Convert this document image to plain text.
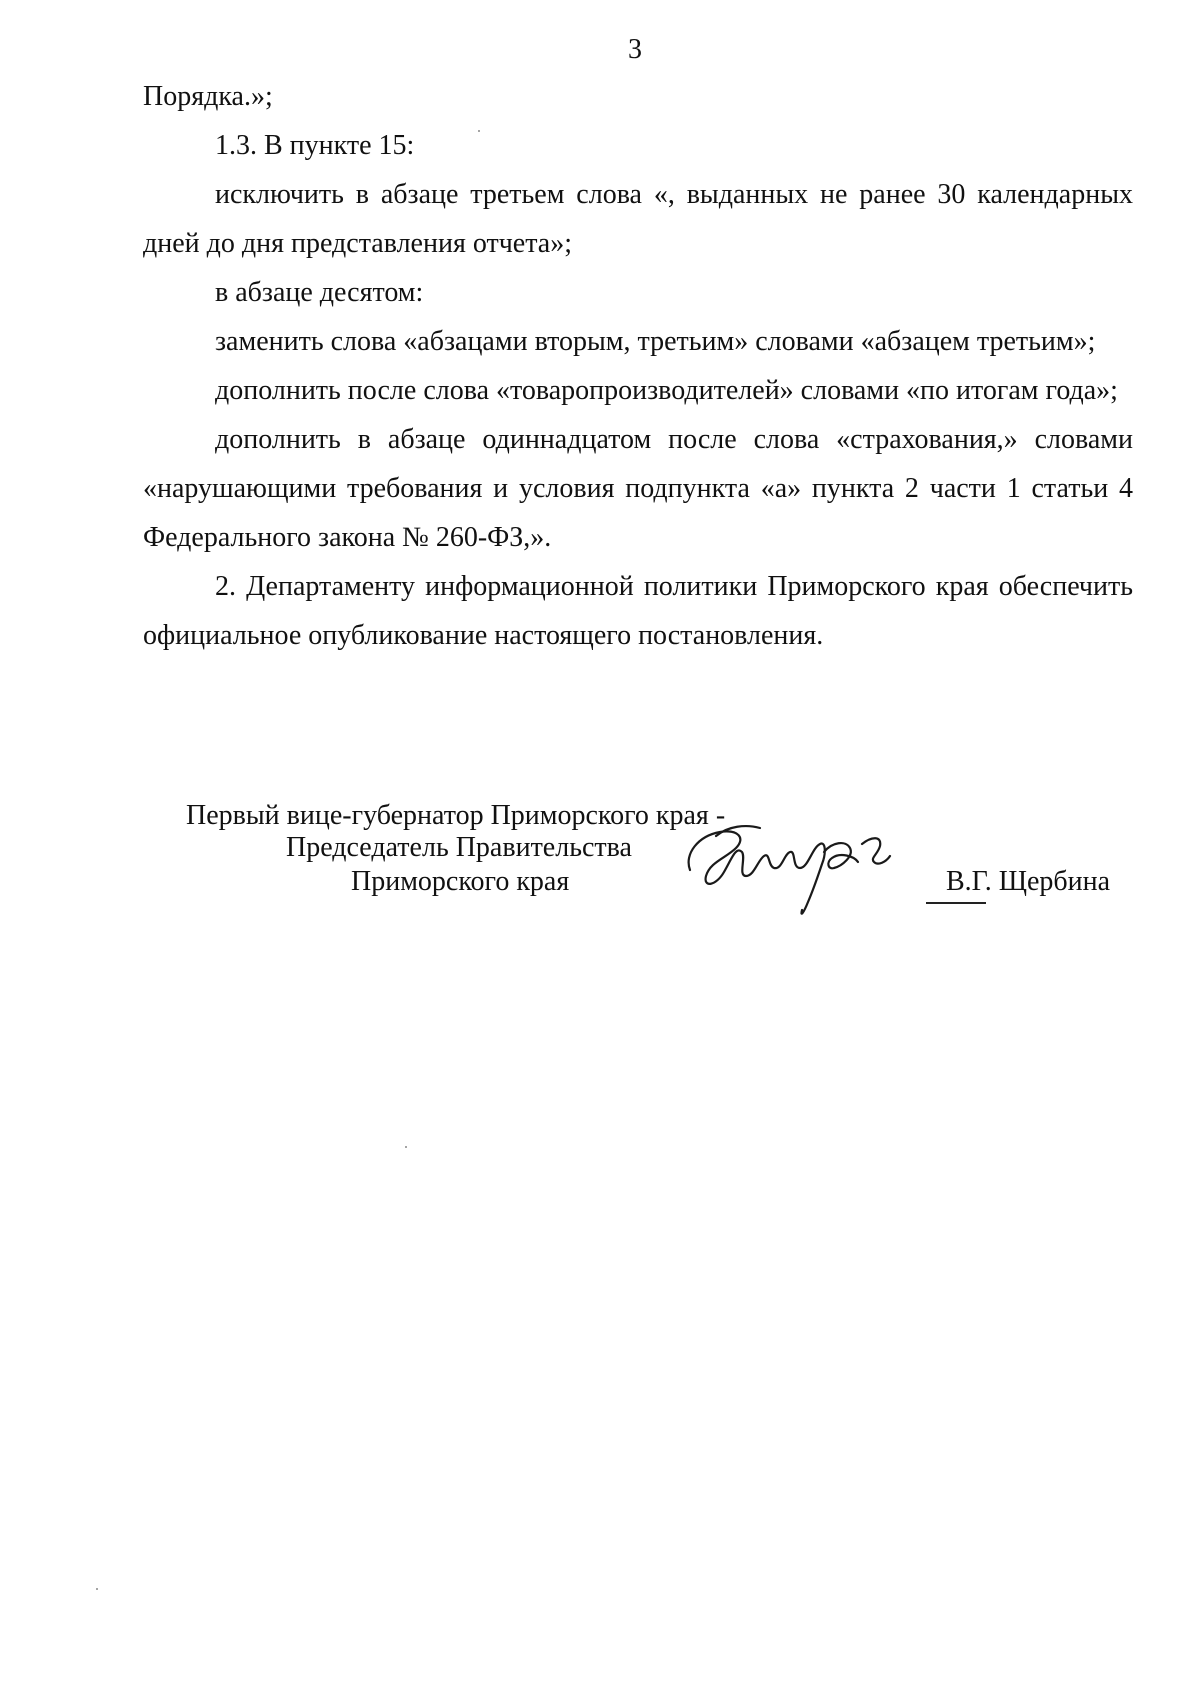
3

Порядка.»;

1.3. В пункте 15:

исключить в абзаце третьем слова «, выданных не ранее 30 календарных дней до дня представления отчета»;

в абзаце десятом:

заменить слова «абзацами вторым, третьим» словами «абзацем третьим»;

дополнить после слова «товаропроизводителей» словами «по итогам года»;

дополнить в абзаце одиннадцатом после слова «страхования,» словами «нарушающими требования и условия подпункта «а» пункта 2 части 1 статьи 4 Федерального закона № 260-ФЗ,».

2. Департаменту информационной политики Приморского края обеспечить официальное опубликование настоящего постановления.

Первый вице-губернатор Приморского края -
Председатель Правительства
Приморского края	В.Г. Щербина
